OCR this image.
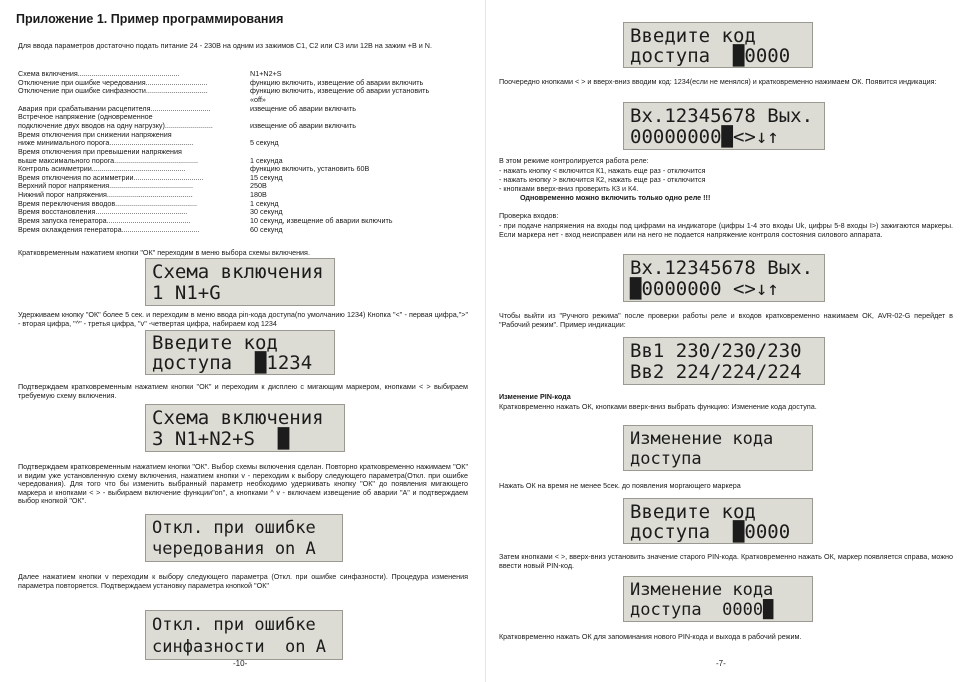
Приложение 1. Пример программирования

Для ввода параметров достаточно подать питание 24 - 230В на одним из зажимов С1, С2 или С3 или 12В на зажим +В и N.

Схема включения...................................................	N1+N2+S
Отключение при ошибке чередования...............................	функцию включить, извещение об аварии включить
Отключение при ошибке синфазности...............................	функцию включить, извещение об аварии установить
«off»
Авария при срабатывании расцепителя..............................	извещение об аварии включить
Встречное напряжение (одновременное
подключение двух вводов на одну нагрузку)........................	извещение об аварии включить
Время отключения при снижении напряжения
ниже минимального порога..........................................	5 секунд
Время отключения при превышении напряжения
выше максимального порога..........................................	1 секунда
Контроль асимметрии...............................................	функцию включить, установить 60В
Время отключения по асимметрии...................................	15 секунд
Верхний порог напряжения..........................................	250В
Нижний порог напряжения...........................................	180В
Время переключения вводов.........................................	1 секунд
Время восстановления..............................................	30 секунд
Время запуска генератора..........................................	10 секунд, извещение об аварии включить
Время охлаждения генератора.......................................	60 секунд

Кратковременным нажатием кнопки "ОК" переходим в меню выбора схемы включения.

Схема включения
1 N1+G

Удерживаем кнопку "ОК" более 5 сек. и переходим в меню ввода pin-кода доступа(по умолчанию 1234) Кнопка "<" - первая цифра,">" - вторая цифра, "^" - третья цифра, "v" -четвертая цифра, набираем код 1234

Введите код
доступа  █1234

Подтверждаем кратковременным нажатием кнопки "ОК" и переходим к дисплею с мигающим маркером, кнопками < > выбираем требуемую схему включения.

Схема включения
3 N1+N2+S  █

Подтверждаем кратковременным нажатием кнопки "ОК". Выбор схемы включения сделан. Повторно кратковременно нажимаем "ОК" и видим уже установленную схему включения, нажатием кнопки v - переходим к выбору следующего параметра(Откл. при ошибке чередования). Для того что бы изменить выбранный параметр необходимо удерживать кнопку "ОК" до появления мигающего маркера и кнопками < > - выбираем включение функции"on", а кнопками ^ v - включаем извещение об аварии "А" и подтверждаем выбор кнопкой "ОК".

Откл. при ошибке
чередования on A

Далее нажатием кнопки v переходим к выбору следующего параметра (Откл. при ошибке синфазности). Процедура изменения параметра повторяется. Подтверждаем установку параметра кнопкой "ОК"

Откл. при ошибке
синфазности  on A
-10-
Введите код
доступа  █0000

Поочередно кнопками < > и вверх-вниз вводим код: 1234(если не менялся) и кратковременно нажимаем ОК. Появится индикация:

Вх.12345678 Вых.
00000000█<>↓↑

В этом режиме контролируется работа реле:

- нажать кнопку < включится К1, нажать еще раз - отключится

- нажать кнопку > включится К2, нажать еще раз - отключится

- кнопками вверх-вниз проверить К3 и К4.

Одновременно можно включить только одно реле !!!

Проверка входов:

- при подаче напряжения на входы под цифрами на индикаторе (цифры 1-4 это входы Uk, цифры 5-8 входы I>) зажигаются маркеры. Если маркера нет - вход неисправен или на него не подается напряжение контроля состояния силового аппарата.

Вх.12345678 Вых.
█0000000 <>↓↑

Чтобы выйти из "Ручного режима" после проверки работы реле и входов кратковременно нажимаем ОК, AVR-02-G перейдет в "Рабочий режим". Пример индикации:

Вв1 230/230/230
Вв2 224/224/224

Изменение PIN-кода

Кратковременно нажать ОК, кнопками вверх-вниз выбрать функцию: Изменение кода доступа.

Изменение кода
доступа

Нажать ОК на время не менее 5сек. до появления моргающего маркера

Введите код
доступа  █0000

Затем кнопками < >, вверх-вниз установить значение старого PIN-кода. Кратковременно нажать ОК, маркер появляется справа, можно ввести новый PIN-код.

Изменение кода
доступа  0000█

Кратковременно нажать ОК для запоминания нового PIN-кода и выхода в рабочий режим.

-7-
